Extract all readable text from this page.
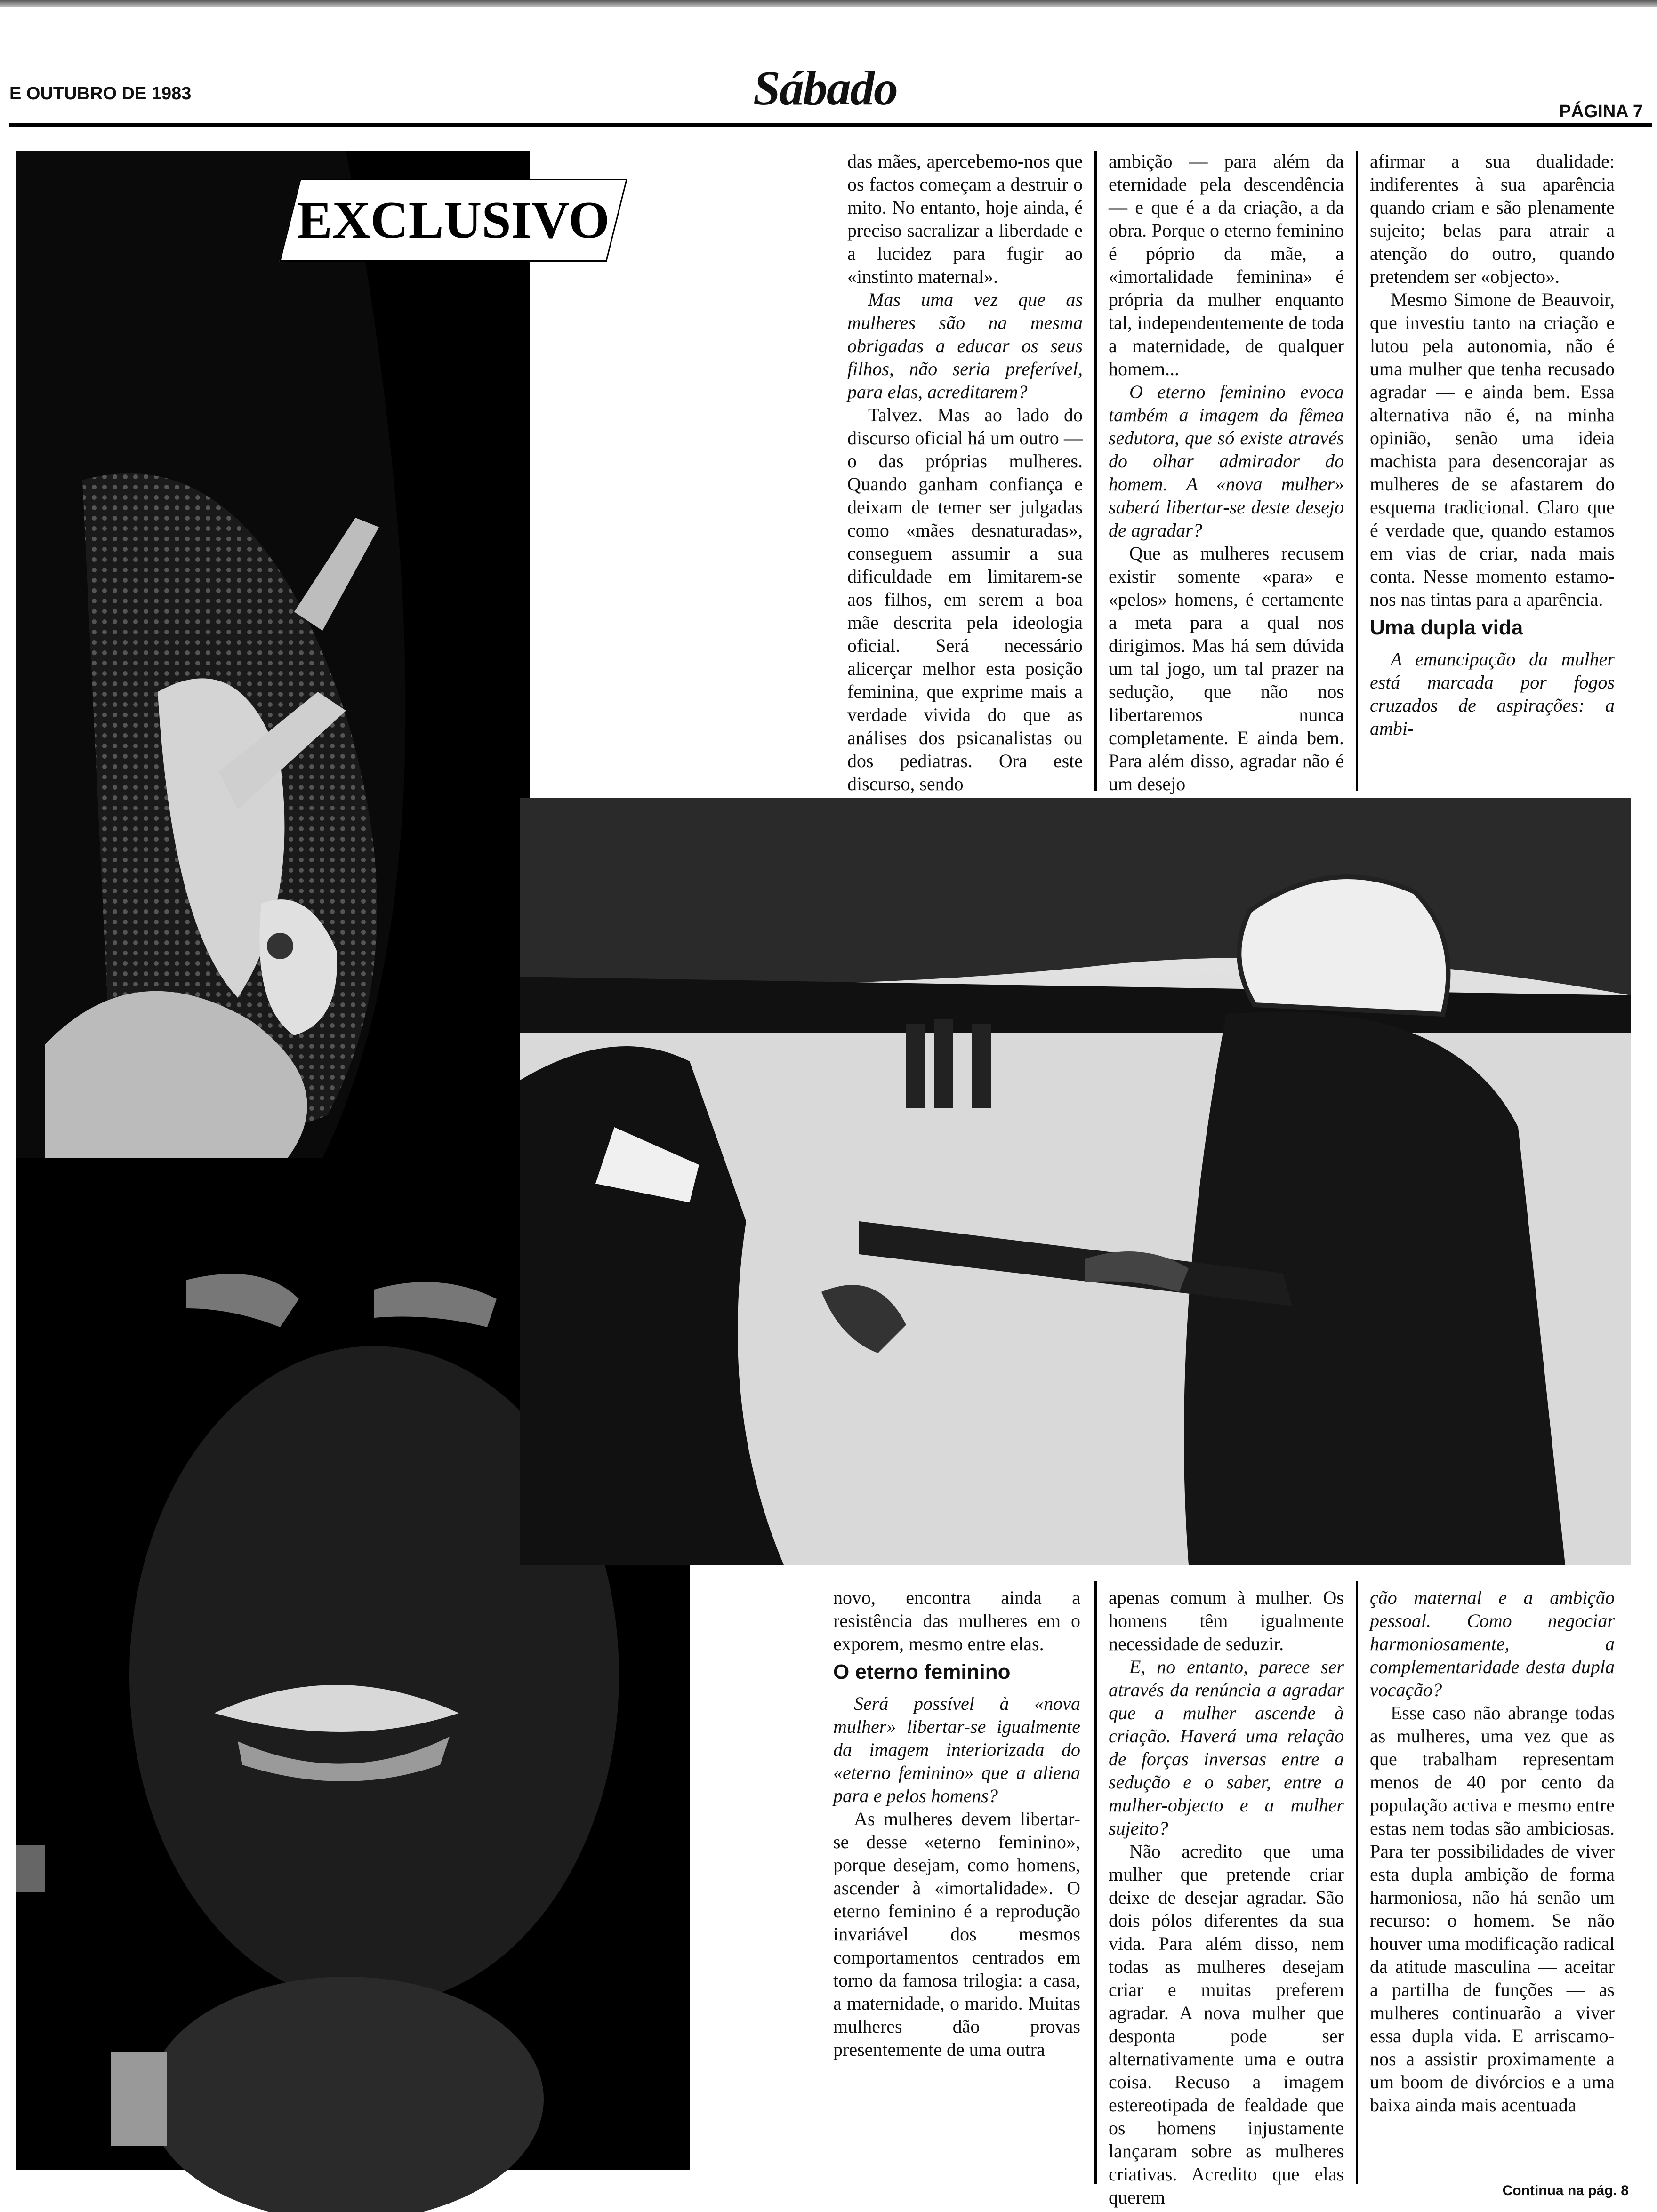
E OUTUBRO DE 1983	Sábado	PÁGINA 7
EXCLUSIVO

das mães, apercebemo-nos que os factos começam a destruir o mito. No entanto, hoje ainda, é preciso sacralizar a liberdade e a lucidez para fugir ao «instinto maternal».

Mas uma vez que as mulheres são na mesma obrigadas a educar os seus filhos, não seria preferível, para elas, acreditarem?

Talvez. Mas ao lado do discurso oficial há um outro — o das próprias mulheres. Quando ganham confiança e deixam de temer ser julgadas como «mães desnaturadas», conseguem assumir a sua dificuldade em limitarem-se aos filhos, em serem a boa mãe descrita pela ideologia oficial. Será necessário alicerçar melhor esta posição feminina, que exprime mais a verdade vivida do que as análises dos psicanalistas ou dos pediatras. Ora este discurso, sendo

ambição — para além da eternidade pela descendência — e que é a da criação, a da obra. Porque o eterno feminino é póprio da mãe, a «imortalidade feminina» é própria da mulher enquanto tal, independentemente de toda a maternidade, de qualquer homem...

O eterno feminino evoca também a imagem da fêmea sedutora, que só existe através do olhar admirador do homem. A «nova mulher» saberá libertar-se deste desejo de agradar?

Que as mulheres recusem existir somente «para» e «pelos» homens, é certamente a meta para a qual nos dirigimos. Mas há sem dúvida um tal jogo, um tal prazer na sedução, que não nos libertaremos nunca completamente. E ainda bem. Para além disso, agradar não é um desejo

afirmar a sua dualidade: indiferentes à sua aparência quando criam e são plenamente sujeito; belas para atrair a atenção do outro, quando pretendem ser «objecto».

Mesmo Simone de Beauvoir, que investiu tanto na criação e lutou pela autonomia, não é uma mulher que tenha recusado agradar — e ainda bem. Essa alternativa não é, na minha opinião, senão uma ideia machista para desencorajar as mulheres de se afastarem do esquema tradicional. Claro que é verdade que, quando estamos em vias de criar, nada mais conta. Nesse momento estamo-nos nas tintas para a aparência.

Uma dupla vida

A emancipação da mulher está marcada por fogos cruzados de aspirações: a ambi-

novo, encontra ainda a resistência das mulheres em o exporem, mesmo entre elas.

O eterno feminino

Será possível à «nova mulher» libertar-se igualmente da imagem interiorizada do «eterno feminino» que a aliena para e pelos homens?

As mulheres devem libertar-se desse «eterno feminino», porque desejam, como homens, ascender à «imortalidade». O eterno feminino é a reprodução invariável dos mesmos comportamentos centrados em torno da famosa trilogia: a casa, a maternidade, o marido. Muitas mulheres dão provas presentemente de uma outra

apenas comum à mulher. Os homens têm igualmente necessidade de seduzir.

E, no entanto, parece ser através da renúncia a agradar que a mulher ascende à criação. Haverá uma relação de forças inversas entre a sedução e o saber, entre a mulher-objecto e a mulher sujeito?

Não acredito que uma mulher que pretende criar deixe de desejar agradar. São dois pólos diferentes da sua vida. Para além disso, nem todas as mulheres desejam criar e muitas preferem agradar. A nova mulher que desponta pode ser alternativamente uma e outra coisa. Recuso a imagem estereotipada de fealdade que os homens injustamente lançaram sobre as mulheres criativas. Acredito que elas querem

ção maternal e a ambição pessoal. Como negociar harmoniosamente, a complementaridade desta dupla vocação?

Esse caso não abrange todas as mulheres, uma vez que as que trabalham representam menos de 40 por cento da população activa e mesmo entre estas nem todas são ambiciosas. Para ter possibilidades de viver esta dupla ambição de forma harmoniosa, não há senão um recurso: o homem. Se não houver uma modificação radical da atitude masculina — aceitar a partilha de funções — as mulheres continuarão a viver essa dupla vida. E arriscamo-nos a assistir proximamente a um boom de divórcios e a uma baixa ainda mais acentuada

Continua na pág. 8
